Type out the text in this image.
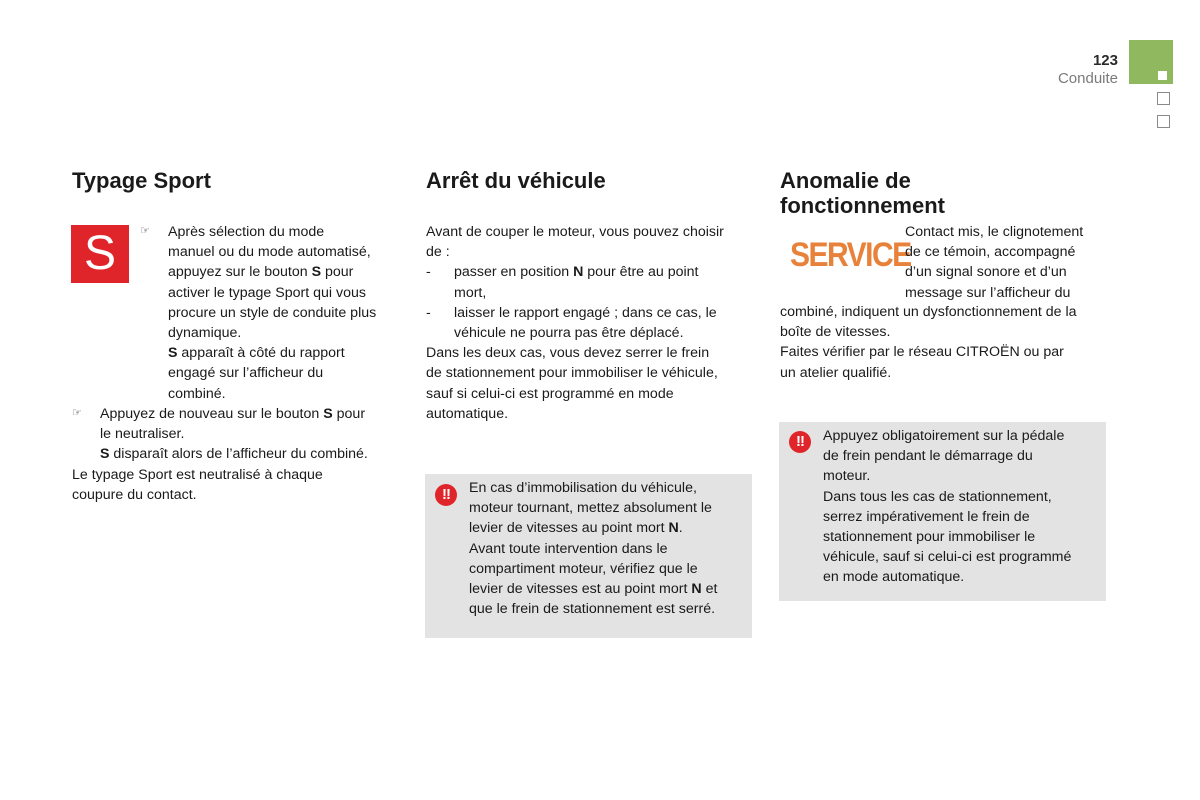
123
Conduite
Typage Sport
S	☞ Après sélection du mode

manuel ou du mode automatisé,

appuyez sur le bouton S pour

activer le typage Sport qui vous

procure un style de conduite plus

dynamique.

S apparaît à côté du rapport

engagé sur l’afficheur du

combiné.

☞ Appuyez de nouveau sur le bouton S pour

le neutraliser.

S disparaît alors de l’afficheur du combiné.

Le typage Sport est neutralisé à chaque

coupure du contact.

Arrêt du véhicule

Avant de couper le moteur, vous pouvez choisir

de :

- passer en position N pour être au point

mort,

- laisser le rapport engagé ; dans ce cas, le

véhicule ne pourra pas être déplacé.

Dans les deux cas, vous devez serrer le frein

de stationnement pour immobiliser le véhicule,

sauf si celui-ci est programmé en mode

automatique.

!!	En cas d’immobilisation du véhicule,

moteur tournant, mettez absolument le

levier de vitesses au point mort N.

Avant toute intervention dans le

compartiment moteur, vérifiez que le

levier de vitesses est au point mort N et

que le frein de stationnement est serré.

Anomalie de
fonctionnement
SERVICE

Contact mis, le clignotement

de ce témoin, accompagné

d’un signal sonore et d’un

message sur l’afficheur du

combiné, indiquent un dysfonctionnement de la

boîte de vitesses.

Faites vérifier par le réseau CITROËN ou par

un atelier qualifié.

!!	Appuyez obligatoirement sur la pédale

de frein pendant le démarrage du

moteur.

Dans tous les cas de stationnement,

serrez impérativement le frein de

stationnement pour immobiliser le

véhicule, sauf si celui-ci est programmé

en mode automatique.
